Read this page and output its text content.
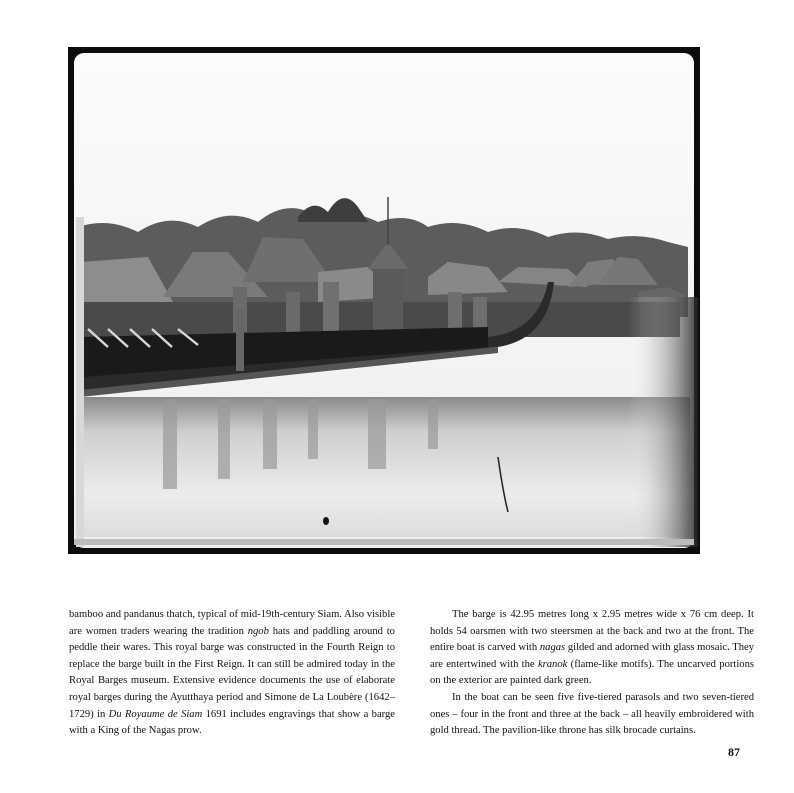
bamboo and pandanus thatch, typical of mid-19th-century Siam. Also visible are women traders wearing the tradition ngob hats and paddling around to peddle their wares. This royal barge was constructed in the Fourth Reign to replace the barge built in the First Reign. It can still be admired today in the Royal Barges museum. Extensive evidence documents the use of elaborate royal barges during the Ayutthaya period and Simone de La Loubère (1642–1729) in Du Royaume de Siam 1691 includes engravings that show a barge with a King of the Nagas prow.

The barge is 42.95 metres long x 2.95 metres wide x 76 cm deep. It holds 54 oarsmen with two steersmen at the back and two at the front. The entire boat is carved with nagas gilded and adorned with glass mosaic. They are entertwined with the kranok (flame-like motifs). The uncarved portions on the exterior are painted dark green.

In the boat can be seen five five-tiered parasols and two seven-tiered ones – four in the front and three at the back – all heavily embroidered with gold thread. The pavilion-like throne has silk brocade curtains.

87
